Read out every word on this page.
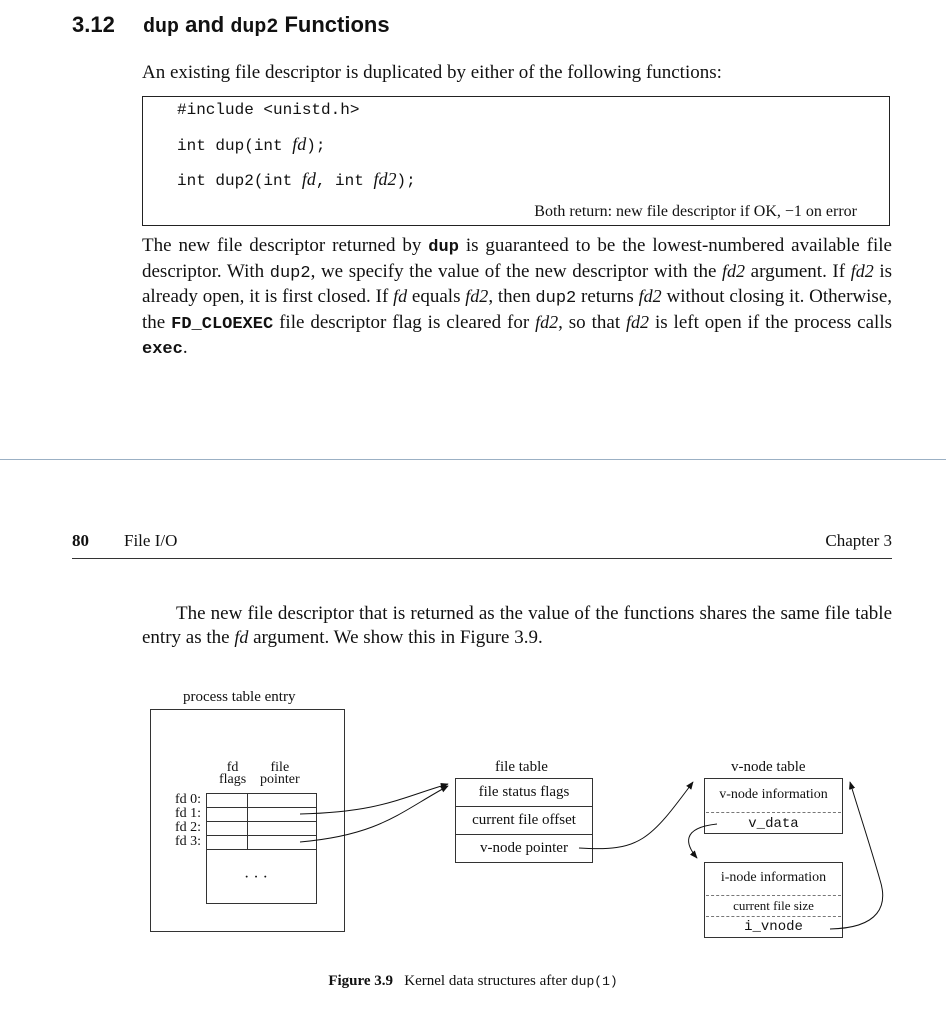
3.12 dup and dup2 Functions
An existing file descriptor is duplicated by either of the following functions:
#include <unistd.h>
int dup(int fd);
int dup2(int fd, int fd2);
Both return: new file descriptor if OK, −1 on error
The new file descriptor returned by dup is guaranteed to be the lowest-numbered available file descriptor. With dup2, we specify the value of the new descriptor with the fd2 argument. If fd2 is already open, it is first closed. If fd equals fd2, then dup2 returns fd2 without closing it. Otherwise, the FD_CLOEXEC file descriptor flag is cleared for fd2, so that fd2 is left open if the process calls exec.
80 File I/O	Chapter 3
The new file descriptor that is returned as the value of the functions shares the same file table entry as the fd argument. We show this in Figure 3.9.
process table entry
fd
flags
file
pointer
fd 0:
fd 1:
fd 2:
fd 3:
· · ·
file table
file status flags
current file offset
v-node pointer
v-node table
v-node information
v_data
i-node information
current file size
i_vnode
Figure 3.9 Kernel data structures after dup(1)
